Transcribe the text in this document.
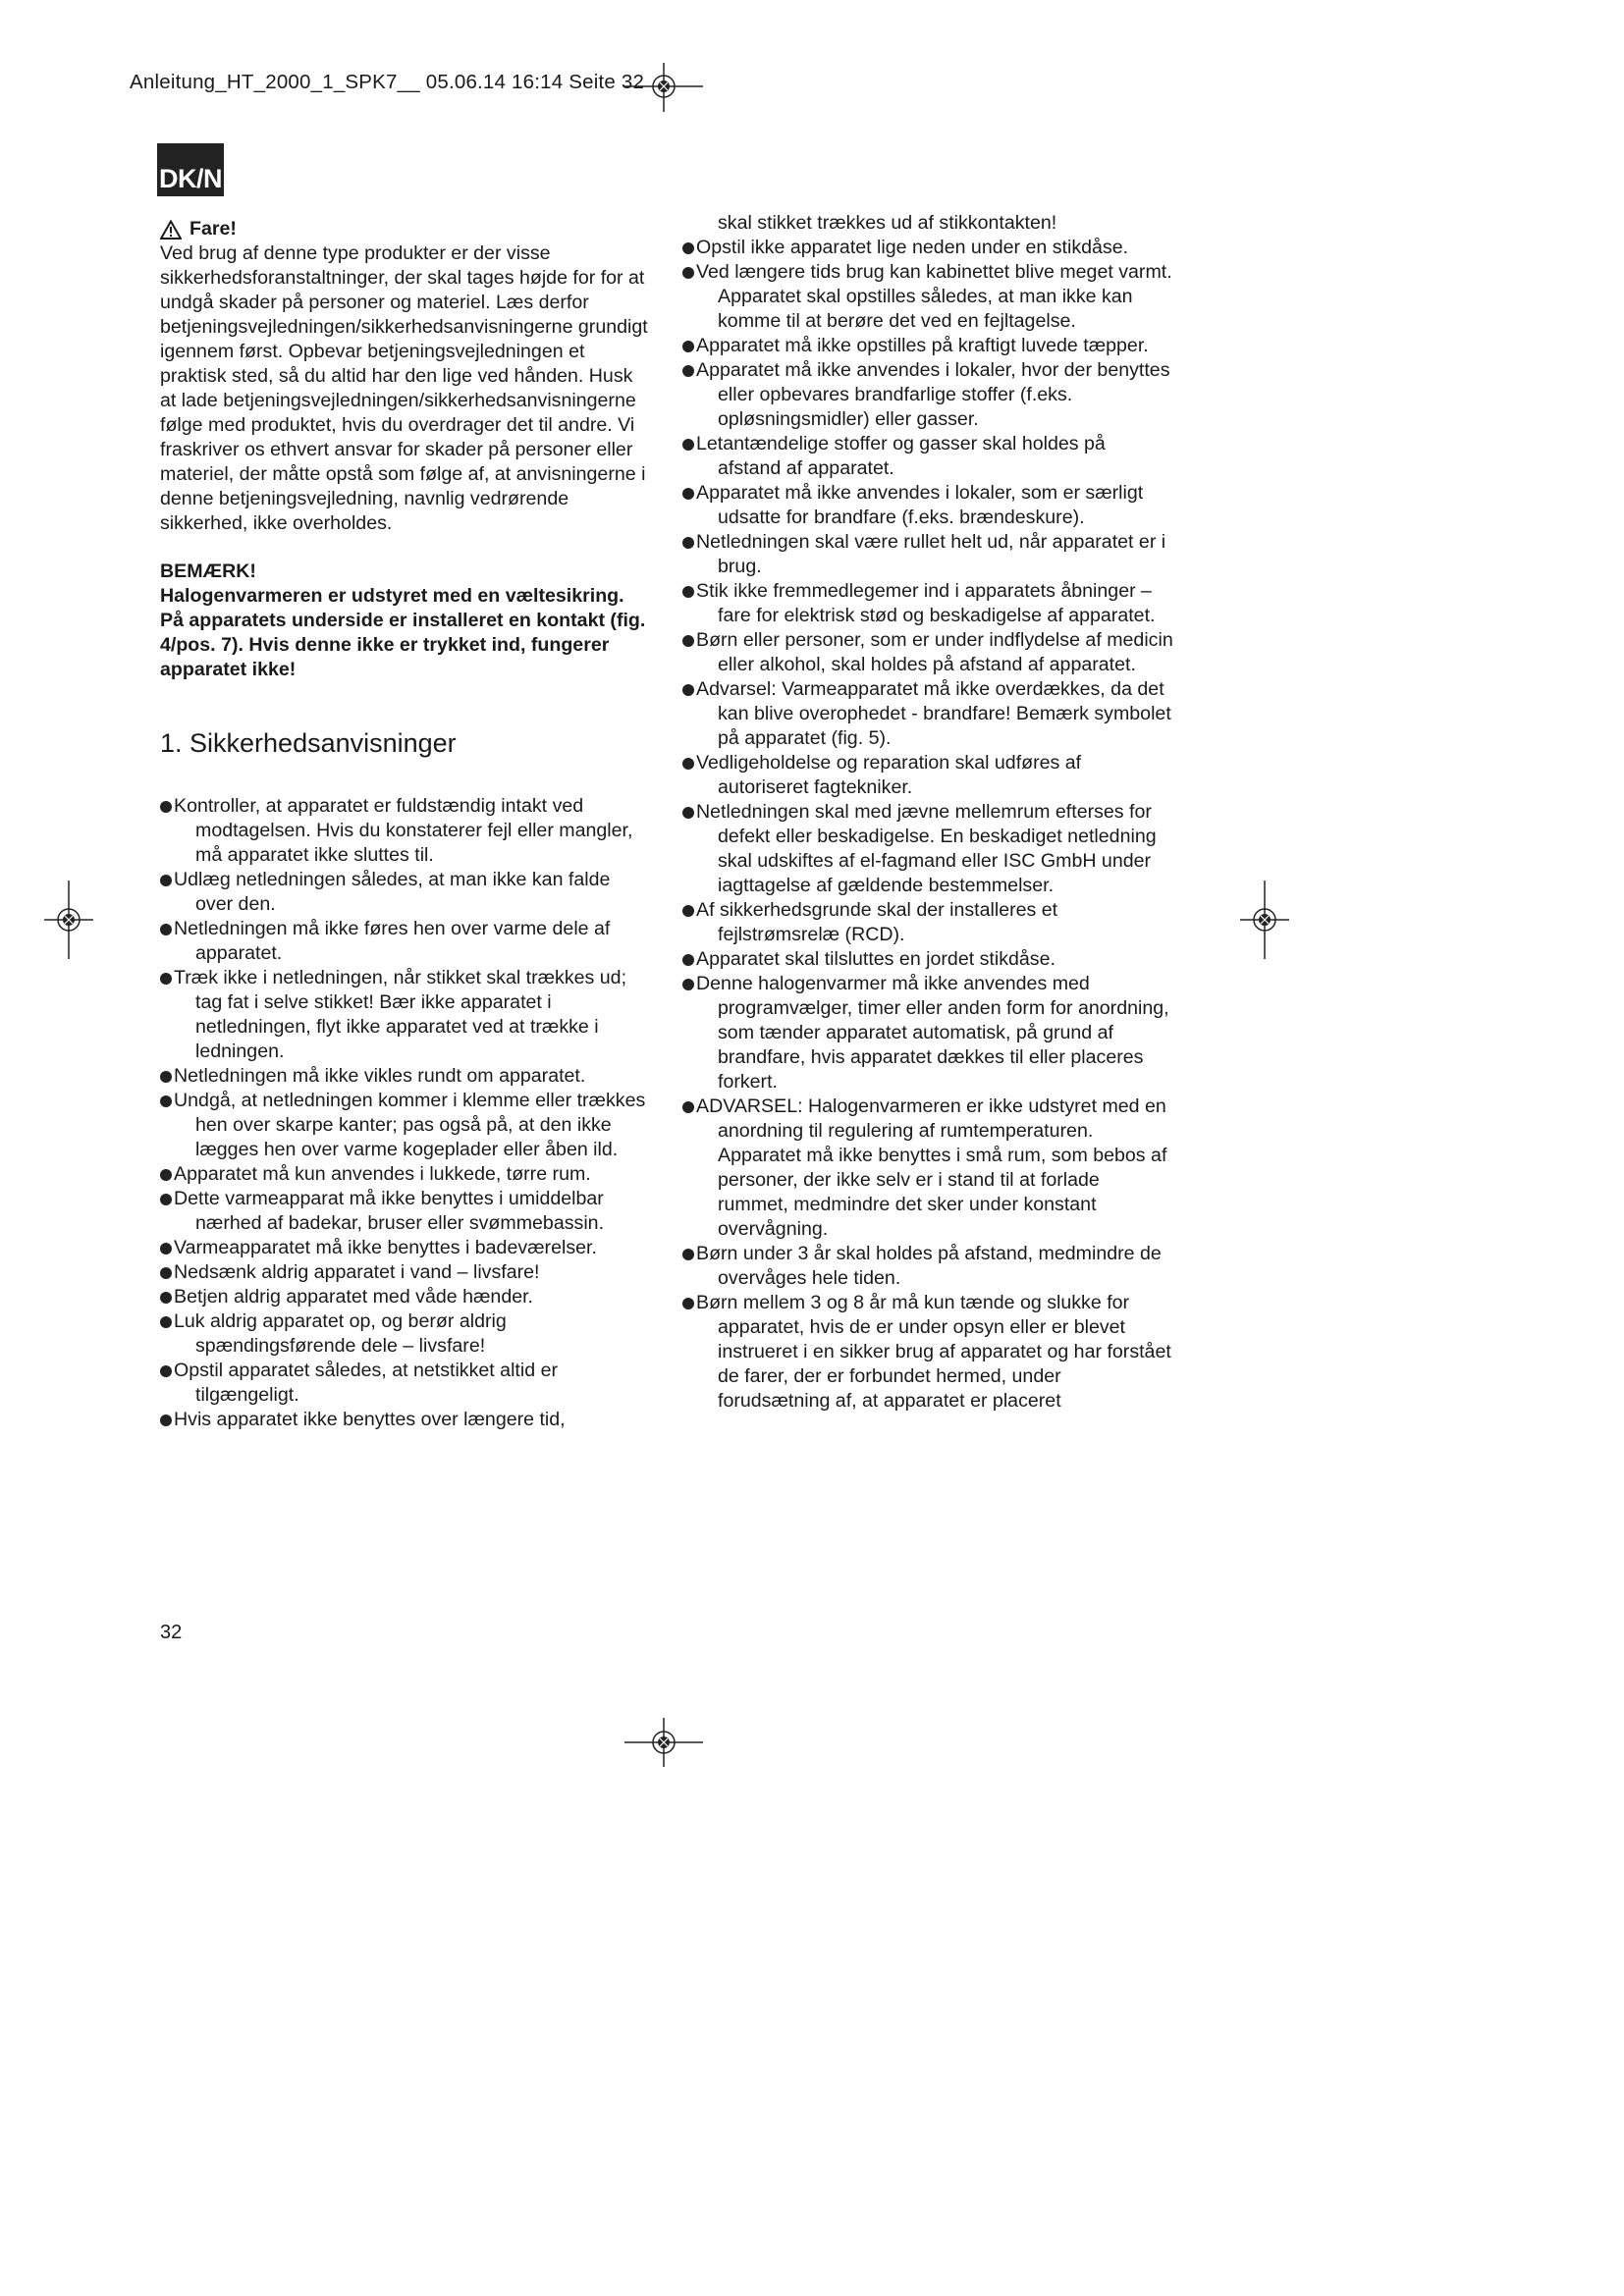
Anleitung_HT_2000_1_SPK7__ 05.06.14 16:14 Seite 32
DK/N
Fare!

Ved brug af denne type produkter er der visse sikkerhedsforanstaltninger, der skal tages højde for for at undgå skader på personer og materiel. Læs derfor betjeningsvejledningen/sikkerhedsanvisningerne grundigt igennem først. Opbevar betjeningsvejledningen et praktisk sted, så du altid har den lige ved hånden. Husk at lade betjeningsvejledningen/sikkerhedsanvisningerne følge med produktet, hvis du overdrager det til andre. Vi fraskriver os ethvert ansvar for skader på personer eller materiel, der måtte opstå som følge af, at anvisningerne i denne betjeningsvejledning, navnlig vedrørende sikkerhed, ikke overholdes.

BEMÆRK!

Halogenvarmeren er udstyret med en væltesikring. På apparatets underside er installeret en kontakt (fig. 4/pos. 7). Hvis denne ikke er trykket ind, fungerer apparatet ikke!

1. Sikkerhedsanvisninger
Kontroller, at apparatet er fuldstændig intakt ved modtagelsen. Hvis du konstaterer fejl eller mangler, må apparatet ikke sluttes til.
Udlæg netledningen således, at man ikke kan falde over den.
Netledningen må ikke føres hen over varme dele af apparatet.
Træk ikke i netledningen, når stikket skal trækkes ud; tag fat i selve stikket! Bær ikke apparatet i netledningen, flyt ikke apparatet ved at trække i ledningen.
Netledningen må ikke vikles rundt om apparatet.
Undgå, at netledningen kommer i klemme eller trækkes hen over skarpe kanter; pas også på, at den ikke lægges hen over varme kogeplader eller åben ild.
Apparatet må kun anvendes i lukkede, tørre rum.
Dette varmeapparat må ikke benyttes i umiddelbar nærhed af badekar, bruser eller svømmebassin.
Varmeapparatet må ikke benyttes i badeværelser.
Nedsænk aldrig apparatet i vand – livsfare!
Betjen aldrig apparatet med våde hænder.
Luk aldrig apparatet op, og berør aldrig spændingsførende dele – livsfare!
Opstil apparatet således, at netstikket altid er tilgængeligt.
Hvis apparatet ikke benyttes over længere tid,

skal stikket trækkes ud af stikkontakten!

Opstil ikke apparatet lige neden under en stikdåse.
Ved længere tids brug kan kabinettet blive meget varmt. Apparatet skal opstilles således, at man ikke kan komme til at berøre det ved en fejltagelse.
Apparatet må ikke opstilles på kraftigt luvede tæpper.
Apparatet må ikke anvendes i lokaler, hvor der benyttes eller opbevares brandfarlige stoffer (f.eks. opløsningsmidler) eller gasser.
Letantændelige stoffer og gasser skal holdes på afstand af apparatet.
Apparatet må ikke anvendes i lokaler, som er særligt udsatte for brandfare (f.eks. brændeskure).
Netledningen skal være rullet helt ud, når apparatet er i brug.
Stik ikke fremmedlegemer ind i apparatets åbninger – fare for elektrisk stød og beskadigelse af apparatet.
Børn eller personer, som er under indflydelse af medicin eller alkohol, skal holdes på afstand af apparatet.
Advarsel: Varmeapparatet må ikke overdækkes, da det kan blive overophedet - brandfare! Bemærk symbolet på apparatet (fig. 5).
Vedligeholdelse og reparation skal udføres af autoriseret fagtekniker.
Netledningen skal med jævne mellemrum efterses for defekt eller beskadigelse. En beskadiget netledning skal udskiftes af el-fagmand eller ISC GmbH under iagttagelse af gældende bestemmelser.
Af sikkerhedsgrunde skal der installeres et fejlstrømsrelæ (RCD).
Apparatet skal tilsluttes en jordet stikdåse.
Denne halogenvarmer må ikke anvendes med programvælger, timer eller anden form for anordning, som tænder apparatet automatisk, på grund af brandfare, hvis apparatet dækkes til eller placeres forkert.
ADVARSEL: Halogenvarmeren er ikke udstyret med en anordning til regulering af rumtemperaturen. Apparatet må ikke benyttes i små rum, som bebos af personer, der ikke selv er i stand til at forlade rummet, medmindre det sker under konstant overvågning.
Børn under 3 år skal holdes på afstand, medmindre de overvåges hele tiden.
Børn mellem 3 og 8 år må kun tænde og slukke for apparatet, hvis de er under opsyn eller er blevet instrueret i en sikker brug af apparatet og har forstået de farer, der er forbundet hermed, under forudsætning af, at apparatet er placeret
32
